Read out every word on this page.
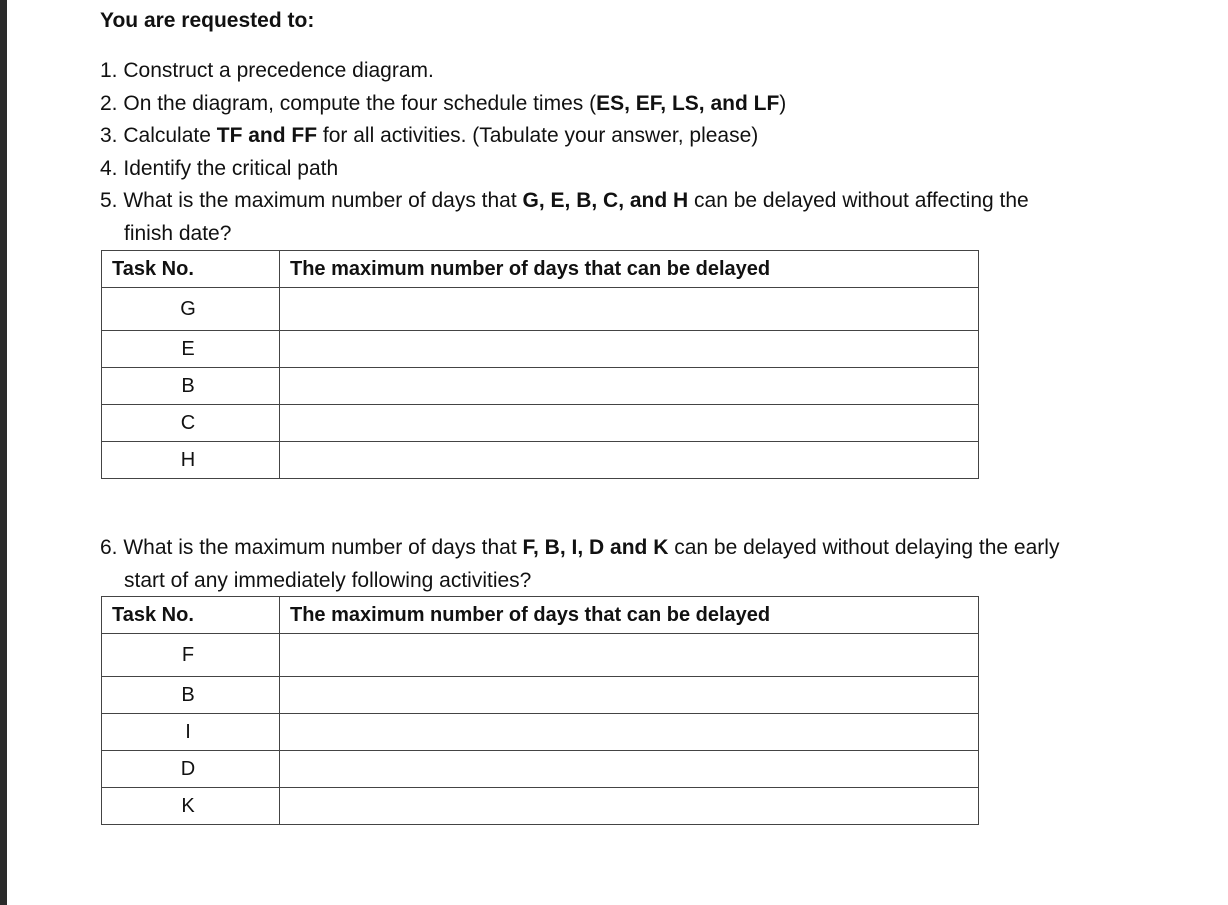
You are requested to:
1. Construct a precedence diagram.
2. On the diagram, compute the four schedule times (ES, EF, LS, and LF)
3. Calculate TF and FF for all activities. (Tabulate your answer, please)
4. Identify the critical path
5. What is the maximum number of days that G, E, B, C, and H can be delayed without affecting the
finish date?
Task No.	The maximum number of days that can be delayed
G	
E	
B	
C	
H	
6. What is the maximum number of days that F, B, I, D and K can be delayed without delaying the early
start of any immediately following activities?
Task No.	The maximum number of days that can be delayed
F	
B	
I	
D	
K	
